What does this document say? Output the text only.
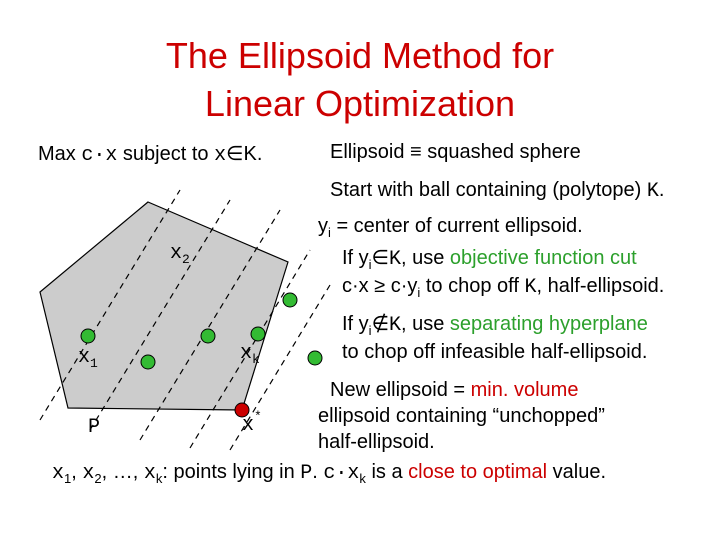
The Ellipsoid Method for
Linear Optimization
Max c·x subject to x∈K.	Ellipsoid ≡ squashed sphere
Start with ball containing (polytope) K.
$y_i$ = center of current ellipsoid.
If $y_i\in K$, use objective function cut
$c\cdot x \ge c\cdot y_i$ to chop off K, half-ellipsoid.
If $y_i\notin K$, use separating hyperplane
to chop off infeasible half-ellipsoid.
New ellipsoid = min. volume
ellipsoid containing “unchopped”
half-ellipsoid.
$x_2$
$x_1$	$x_k$
P	x*
$x_1$, $x_2$, …, $x_k$: points lying in P. $c\cdot x_k$ is a close to optimal value.
